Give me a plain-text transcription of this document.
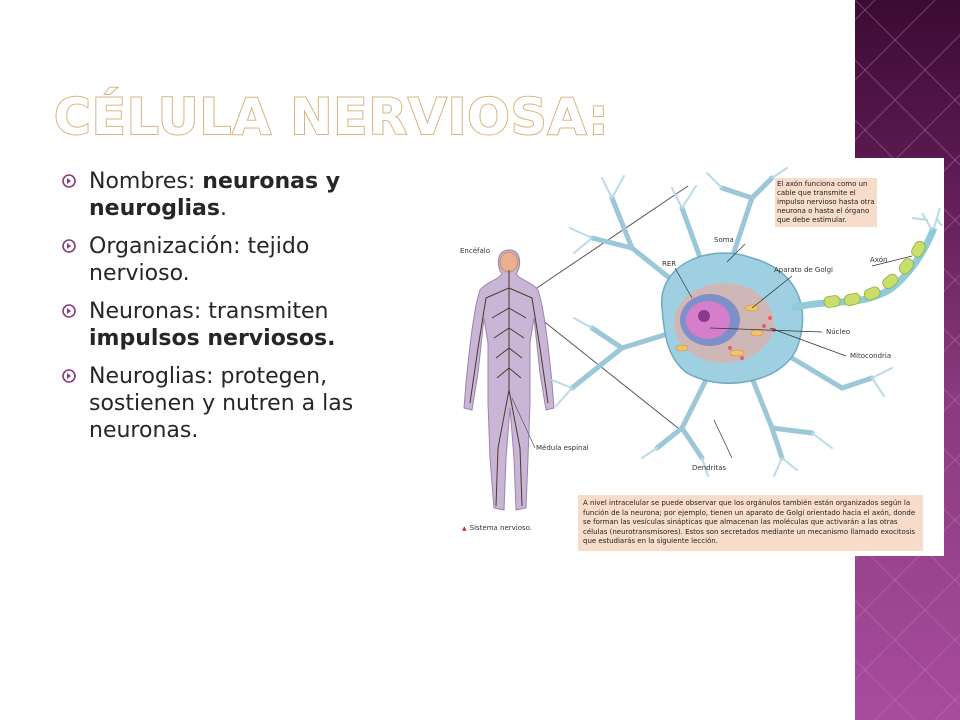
CÉLULA NERVIOSA:
Nombres: neuronas y neuroglias.
Organización: tejido nervioso.
Neuronas: transmiten impulsos nerviosos.
Neuroglias: protegen, sostienen y nutren a las neuronas.
Encéfalo
Médula espinal
Soma
RER
Aparato de Golgi
Axón
Núcleo
Mitocondria
Dendritas
El axón funciona como un cable que transmite el impulso nervioso hasta otra neurona o hasta el órgano que debe estimular.
A nivel intracelular se puede observar que los orgánulos también están organizados según la función de la neurona; por ejemplo, tienen un aparato de Golgi orientado hacia el axón, donde se forman las vesículas sinápticas que almacenan las moléculas que activarán a las otras células (neurotransmisores). Estos son secretados mediante un mecanismo llamado exocitosis que estudiarás en la siguiente lección.
▲ Sistema nervioso.
